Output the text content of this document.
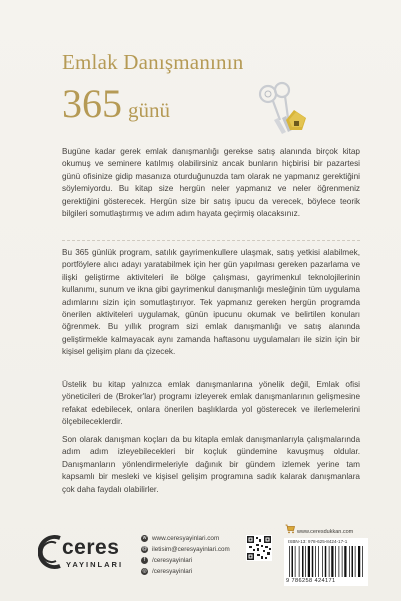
Emlak Danışmanının
365 günü

Bugüne kadar gerek emlak danışmanlığı gerekse satış alanında birçok kitap okumuş ve seminere katılmış olabilirsiniz ancak bunların hiçbirisi bir pazartesi günü ofisinize gidip masanıza oturduğunuzda tam olarak ne yapmanız gerektiğini söylemiyordu. Bu kitap size hergün neler yapmanız ve neler öğrenmeniz gerektiğini gösterecek. Hergün size bir satış ipucu da verecek, böylece teorik bilgileri somutlaştırmış ve adım adım hayata geçirmiş olacaksınız.

Bu 365 günlük program, satılık gayrimenkullere ulaşmak, satış yetkisi alabilmek, portföylere alıcı adayı yaratabilmek için her gün yapılması gereken pazarlama ve ilişki geliştirme aktiviteleri ile bölge çalışması, gayrimenkul teknolojilerinin kullanımı, sunum ve ikna gibi gayrimenkul danışmanlığı mesleğinin tüm uygulama adımlarını sizin için somutlaştırıyor. Tek yapmanız gereken hergün programda önerilen aktiviteleri uygulamak, günün ipucunu okumak ve belirtilen konuları öğrenmek. Bu yıllık program sizi emlak danışmanlığı ve satış alanında geliştirmekle kalmayacak aynı zamanda haftasonu uygulamaları ile sizin için bir kişisel gelişim planı da çizecek.

Üstelik bu kitap yalnızca emlak danışmanlarına yönelik değil, Emlak ofisi yöneticileri de (Broker'lar) programı izleyerek emlak danışmanlarının gelişmesine refakat edebilecek, onlara önerilen başlıklarda yol gösterecek ve ilerlemelerini ölçebileceklerdir.

Son olarak danışman koçları da bu kitapla emlak danışmanlarıyla çalışmalarında adım adım izleyebilecekleri bir koçluk gündemine kavuşmuş oldular. Danışmanların yönlendirmeleriyle dağınık bir gündem izlemek yerine tam kapsamlı bir mesleki ve kişisel gelişim programına sadık kalarak danışmanlara çok daha faydalı olabilirler.

ceres
YAYINLARI
w www.ceresyayinlari.com
@ iletisim@ceresyayinlari.com
f	/ceresyayinlari
◎ /ceresyayinlari
www.ceresdukkan.com
ISBN-13: 978-625-8424-17-1
9 786258 424171
